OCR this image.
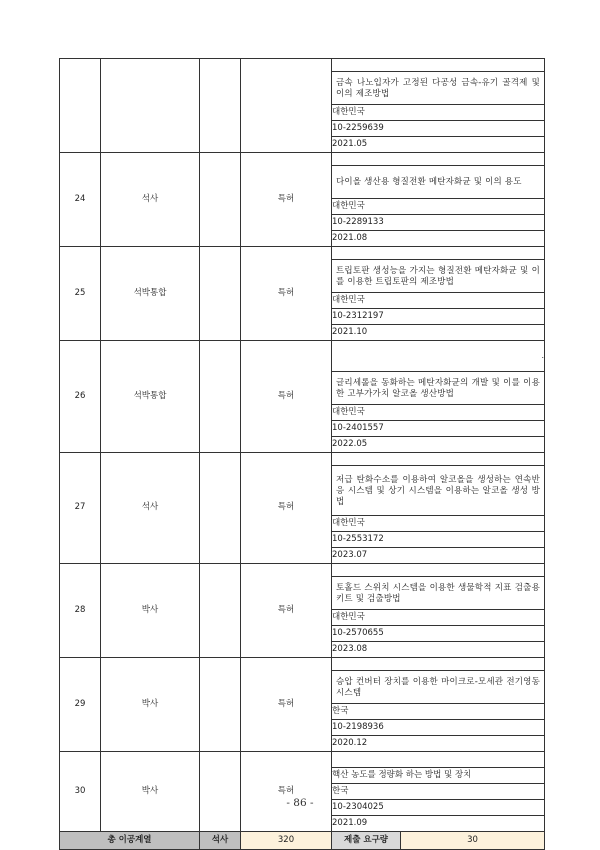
				금속 나노입자가 고정된 다공성 금속-유기 골격제 및 이의 제조방법
				대한민국
				10-2259639
				2021.05
24	석사		특허	
				다이올 생산용 형질전환 메탄자화균 및 이의 용도
				대한민국
				10-2289133
				2021.08
25	석박통합		특허	
				트립토판 생성능을 가지는 형질전환 메탄자화균 및 이를 이용한 트립토판의 제조방법
				대한민국
				10-2312197
				2021.10
26	석박통합		특허	.

				글리세롤을 동화하는 메탄자화균의 개발 및 이를 이용한 고부가가치 알코올 생산방법
				대한민국
				10-2401557
				2022.05
27	석사		특허	
				저급 탄화수소를 이용하여 알코올을 생성하는 연속반응 시스템 및 상기 시스템을 이용하는 알코올 생성 방법
				대한민국
				10-2553172
				2023.07
28	박사		특허	
				토홀드 스위치 시스템을 이용한 생물학적 지표 검출용 키트 및 검출방법
				대한민국
				10-2570655
				2023.08
29	박사		특허	
				승압 컨버터 장치를 이용한 마이크로-모세관 전기영동 시스템
				한국
				10-2198936
				2020.12
30	박사		특허	
				핵산 농도를 정량화 하는 방법 및 장치
				한국
				10-2304025
				2021.09
총 이공계열		석사	320	제출 요구량 30
- 86 -
